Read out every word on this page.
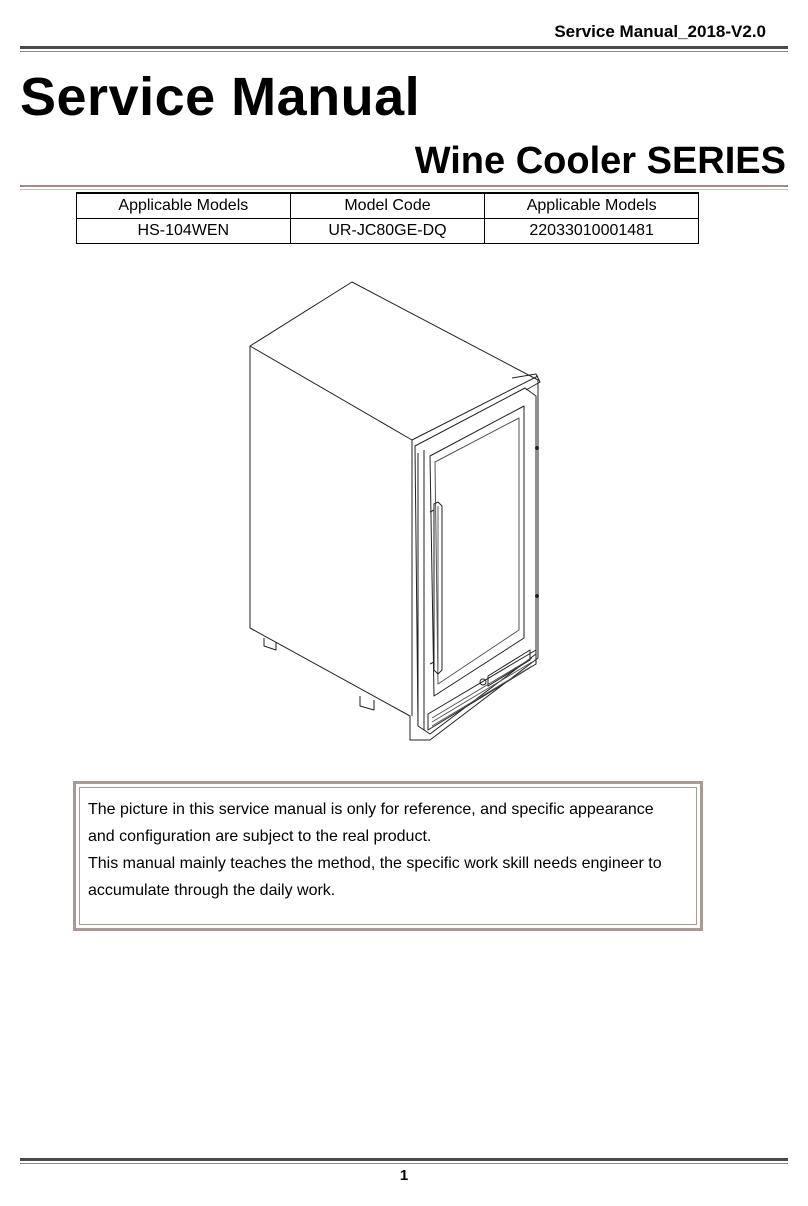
Service Manual_2018-V2.0
Service Manual
Wine Cooler SERIES
Applicable Models	Model Code	Applicable Models
HS-104WEN	UR-JC80GE-DQ	22033010001481

The picture in this service manual is only for reference, and specific appearance

and configuration are subject to the real product.

This manual mainly teaches the method, the specific work skill needs engineer to

accumulate through the daily work.

1
